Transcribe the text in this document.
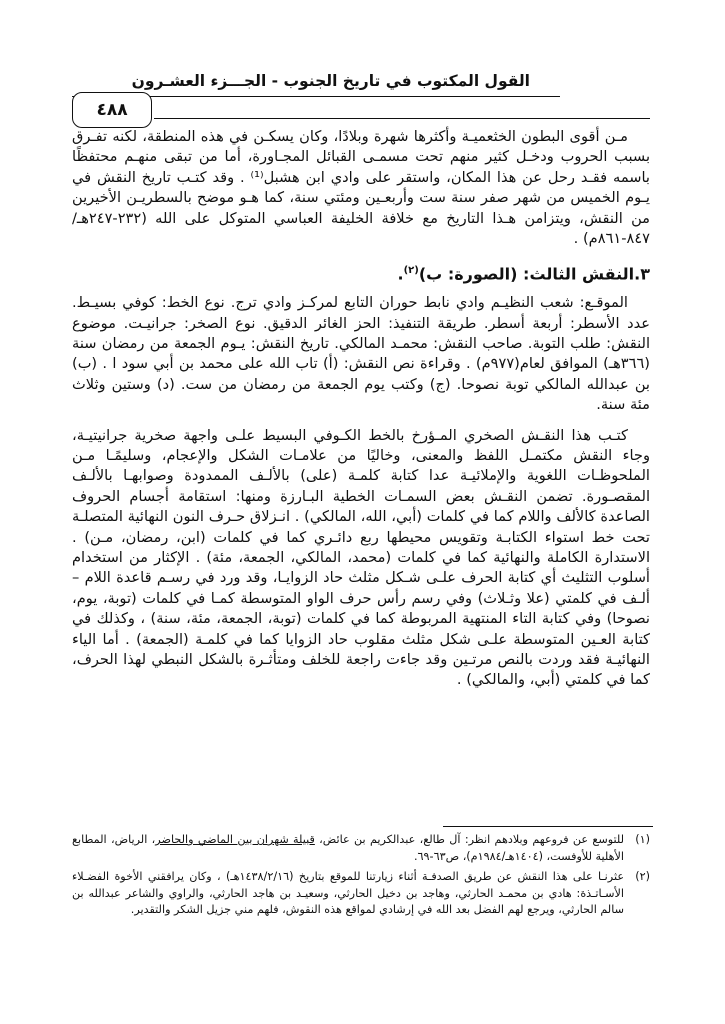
القول المكتوب في تاريخ الجنوب - الجـــزء العشـرون
٤٨٨

مـن أقوى البطون الخثعميـة وأكثرها شهرة وبلادًا، وكان يسكـن في هذه المنطقة، لكنه تفـرق بسبب الحروب ودخـل كثير منهم تحت مسمـى القبائل المجـاورة، أما من تبقى منهـم محتفظًا باسمه فقـد رحل عن هذا المكان، واستقر على وادي ابن هشبل⁽¹⁾ . وقد كتـب تاريخ النقش في يـوم الخميس من شهر صفر سنة ست وأربعـين ومئتي سنة، كما هـو موضح بالسطريـن الأخيرين من النقش، ويتزامن هـذا التاريخ مع خلافة الخليفة العباسي المتوكل على الله (٢٣٢-٢٤٧هـ/٨٤٧-٨٦١م) .

٣.النقش الثالث: (الصورة: ب)$^{(٢)}$.

الموقـع: شعب النظيـم وادي نابط حوران التابع لمركـز وادي ترج. نوع الخط: كوفي بسيـط. عدد الأسطر: أربعة أسطر. طريقة التنفيذ: الحز الغائر الدقيق. نوع الصخر: جرانيـت. موضوع النقش: طلب التوبة. صاحب النقش: محمـد المالكي. تاريخ النقش: يـوم الجمعة من رمضان سنة (٣٦٦هـ) الموافق لعام(٩٧٧م) . وقراءة نص النقش: (أ) تاب الله على محمد بن أبي سود ا . (ب) بن عبدالله المالكي توبة نصوحا. (ج) وكتب يوم الجمعة من رمضان من ست. (د) وستين وثلاث مئة سنة.

كتـب هذا النقـش الصخري المـؤرخ بالخط الكـوفي البسيط علـى واجهة صخرية جرانيتيـة، وجاء النقش مكتمـل اللفظ والمعنى، وخاليًا من علامـات الشكل والإعجام، وسليمًـا مـن الملحوظـات اللغوية والإملائيـة عدا كتابة كلمـة (على) بالألـف الممدودة وصوابهـا بالألـف المقصـورة. تضمن النقـش بعض السمـات الخطية البـارزة ومنها: استقامة أجسام الحروف الصاعدة كالألف واللام كما في كلمات (أبي، الله، المالكي) . انـزلاق حـرف النون النهائية المتصلـة تحت خط استواء الكتابـة وتقويس محيطها ربع دائـري كما في كلمات (ابن، رمضان، مـن) . الاستدارة الكاملة والنهائية كما في كلمات (محمد، المالكي، الجمعة، مئة) . الإكثار من استخدام أسلوب التثليث أي كتابة الحرف علـى شـكل مثلث حاد الزوايـا، وقد ورد في رسـم قاعدة اللام – ألـف في كلمتي (علا وثـلاث) وفي رسم رأس حرف الواو المتوسطة كمـا في كلمات (توبة، يوم، نصوحا) وفي كتابة التاء المنتهية المربوطة كما في كلمات (توبة، الجمعة، مئة، سنة) ، وكذلك في كتابة العـين المتوسطة علـى شكل مثلث مقلوب حاد الزوايا كما في كلمـة (الجمعة) . أما الياء النهائيـة فقد وردت بالنص مرتـين وقد جاءت راجعة للخلف ومتأثـرة بالشكل النبطي لهذا الحرف، كما في كلمتي (أبي، والمالكي) .

(١)
للتوسع عن فروعهم وبلادهم انظر: آل طالع، عبدالكريم بن عائض، قبيلة شهران بين الماضي والحاضر، الرياض، المطابع الأهلية للأوفست، (١٤٠٤هـ/١٩٨٤م)، ص٦٣-٦٩.
(٢)
عثرنـا على هذا النقش عن طريق الصدفـة أثناء زيارتنا للموقع بتاريخ (١٤٣٨/٢/١٦هـ) ، وكان يرافقني الأخوة الفضـلاء الأسـاتـذة: هادي بن محمـد الحارثي، وهاجد بن دخيل الحارثي، وسعيـد بن هاجد الحارثي، والراوي والشاعر عبدالله بن سالم الحارثي، ويرجع لهم الفضل بعد الله في إرشادي لمواقع هذه النقوش، فلهم مني جزيل الشكر والتقدير.
